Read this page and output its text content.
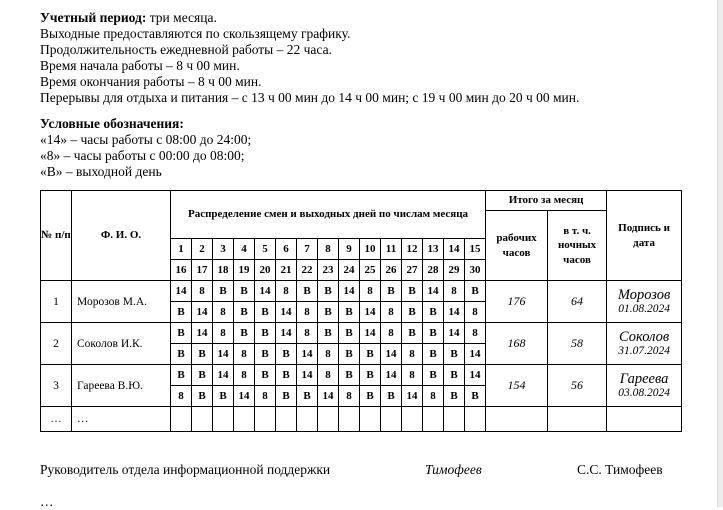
Учетный период: три месяца.
Выходные предоставляются по скользящему графику.
Продолжительность ежедневной работы – 22 часа.
Время начала работы – 8 ч 00 мин.
Время окончания работы – 8 ч 00 мин.
Перерывы для отдыха и питания – с 13 ч 00 мин до 14 ч 00 мин; с 19 ч 00 мин до 20 ч 00 мин.
Условные обозначения:
«14» – часы работы с 08:00 до 24:00;
«8» – часы работы с 00:00 до 08:00;
«В» – выходной день
№ п/п	Ф. И. О.	Распределение смен и выходных дней по числам месяца															Итого за месяц		Подпись и дата
																	рабочих часов	в т. ч. ночных часов	
		1	2	3	4	5	6	7	8	9	10	11	12	13	14	15			
		16	17	18	19	20	21	22	23	24	25	26	27	28	29	30			
1	Морозов М.А.	14	8	В	В	14	8	В	В	14	8	В	В	14	8	В	176	64	Морозов
01.08.2024

		В	14	8	В	В	14	8	В	В	14	8	В	В	14	8			
2	Соколов И.К.	В	14	8	В	В	14	8	В	В	14	8	В	В	14	8	168	58	Соколов
31.07.2024

		В	В	14	8	В	В	14	8	В	В	14	8	В	В	14			
3	Гареева В.Ю.	В	В	14	8	В	В	14	8	В	В	14	8	В	В	14	154	56	Гареева
03.08.2024

		8	В	В	14	8	В	В	14	8	В	В	14	8	В	В			
…	…																		
Руководитель отдела информационной поддержки	Тимофеев	С.С. Тимофеев
…
